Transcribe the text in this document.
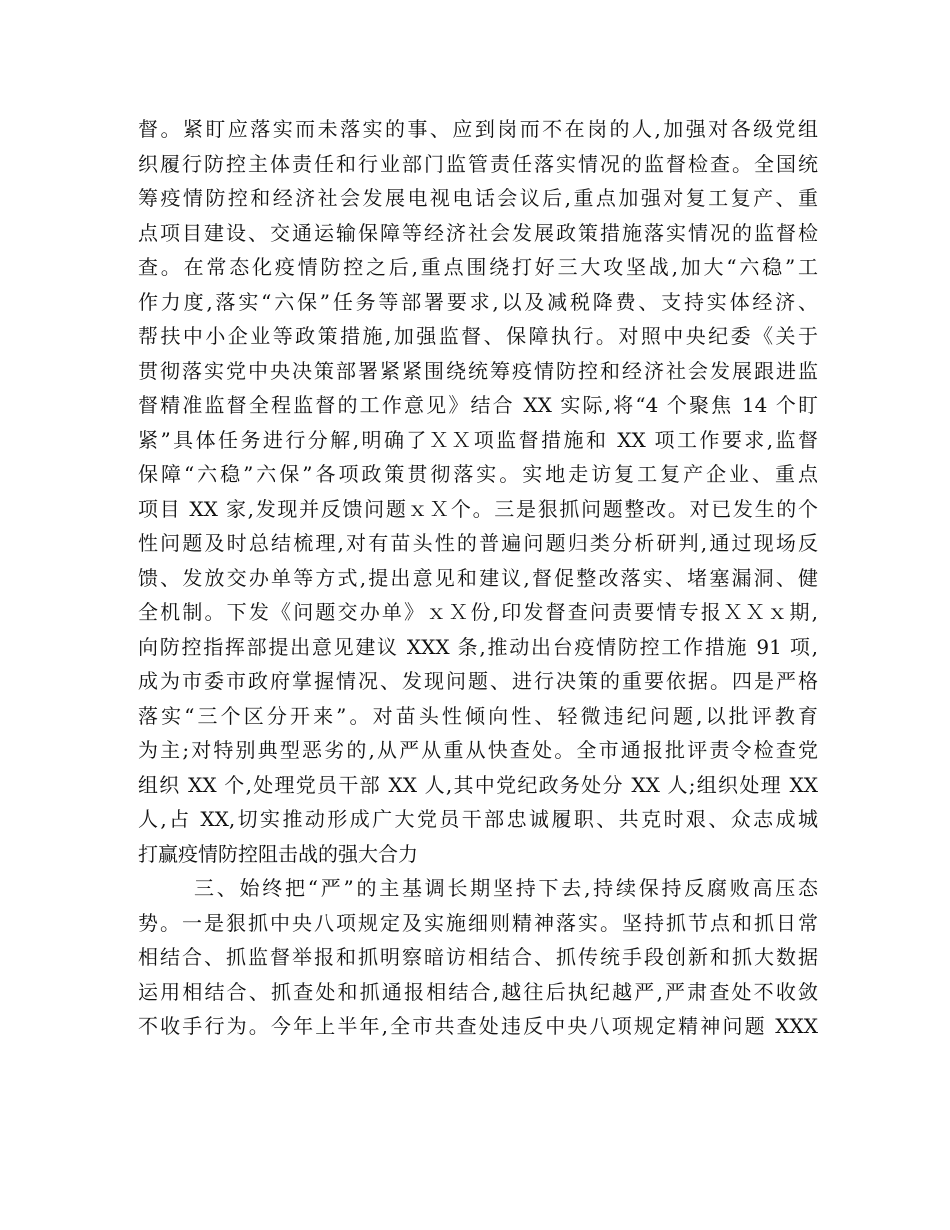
督。紧盯应落实而未落实的事、应到岗而不在岗的人,加强对各级党组
织履行防控主体责任和行业部门监管责任落实情况的监督检查。全国统
筹疫情防控和经济社会发展电视电话会议后,重点加强对复工复产、重
点项目建设、交通运输保障等经济社会发展政策措施落实情况的监督检
查。在常态化疫情防控之后,重点围绕打好三大攻坚战,加大“六稳”工
作力度,落实“六保”任务等部署要求,以及减税降费、支持实体经济、
帮扶中小企业等政策措施,加强监督、保障执行。对照中央纪委《关于
贯彻落实党中央决策部署紧紧围绕统筹疫情防控和经济社会发展跟进监
督精准监督全程监督的工作意见》结合 XX 实际,将“4 个聚焦 14 个盯
紧”具体任务进行分解,明确了ＸＸ项监督措施和 XX 项工作要求,监督
保障“六稳”六保”各项政策贯彻落实。实地走访复工复产企业、重点
项目 XX 家,发现并反馈问题ｘＸ个。三是狠抓问题整改。对已发生的个
性问题及时总结梳理,对有苗头性的普遍问题归类分析研判,通过现场反
馈、发放交办单等方式,提出意见和建议,督促整改落实、堵塞漏洞、健
全机制。下发《问题交办单》ｘＸ份,印发督查问责要情专报ＸＸｘ期,
向防控指挥部提出意见建议 XXX 条,推动出台疫情防控工作措施 91 项,
成为市委市政府掌握情况、发现问题、进行决策的重要依据。四是严格
落实“三个区分开来”。对苗头性倾向性、轻微违纪问题,以批评教育
为主;对特别典型恶劣的,从严从重从快查处。全市通报批评责令检查党
组织 XX 个,处理党员干部 XX 人,其中党纪政务处分 XX 人;组织处理 XX
人,占 XX,切实推动形成广大党员干部忠诚履职、共克时艰、众志成城
打赢疫情防控阻击战的强大合力
三、始终把“严”的主基调长期坚持下去,持续保持反腐败高压态
势。一是狠抓中央八项规定及实施细则精神落实。坚持抓节点和抓日常
相结合、抓监督举报和抓明察暗访相结合、抓传统手段创新和抓大数据
运用相结合、抓查处和抓通报相结合,越往后执纪越严,严肃查处不收敛
不收手行为。今年上半年,全市共查处违反中央八项规定精神问题 XXX
